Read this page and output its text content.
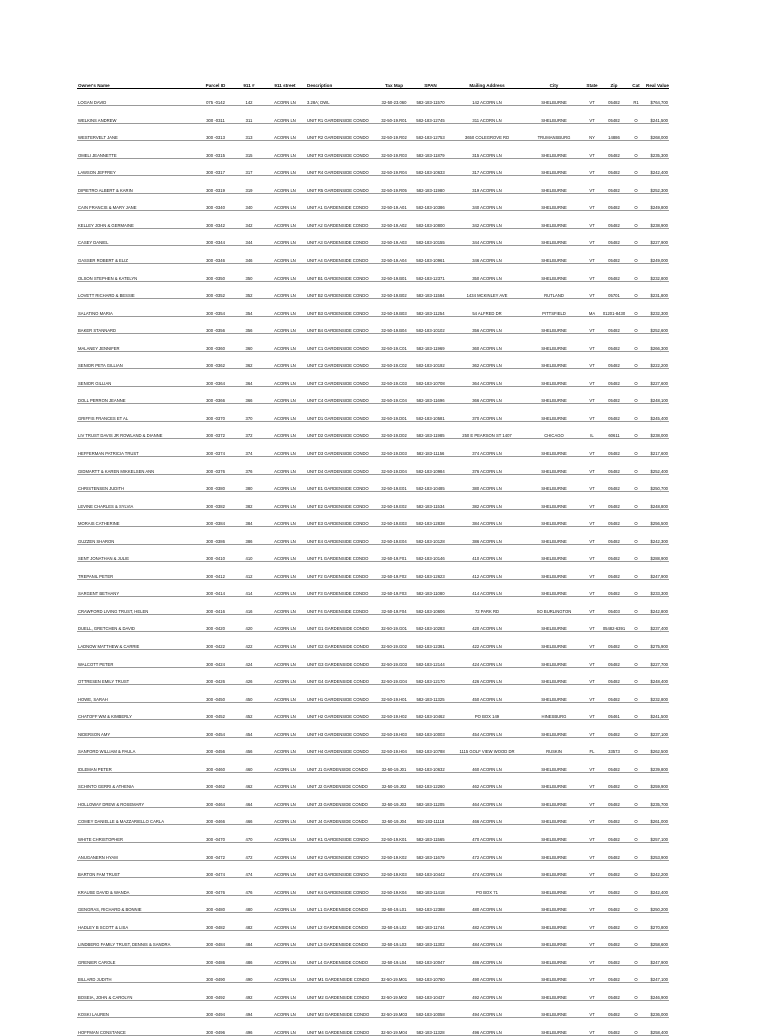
Owner's Name	Parcel ID	911 #	911 street	Description	Tax Map	SPAN	Mailing Address	City	State	Zip	Cat	Real Value
LOGAN DAVID	075 -0142	142	ACORN LN	3.28A; DWL	32-50-23.060	582-183-11570	142 ACORN LN	SHELBURNE	VT	05482	R1	$764,700
WELKINS ANDREW	300 -0311	311	ACORN LN	UNIT R1 GARDENSIDE CONDO	32-50-19.R01	582-183-12745	311 ACORN LN	SHELBURNE	VT	05482	O	$241,500
WESTERVELT JANE	300 -0313	313	ACORN LN	UNIT R2 GARDENSIDE CONDO	32-50-19.R02	582-183-12753	3650 COLEGROVE RD	TRUMANSBURG	NY	14886	O	$268,000
OMELI JEANNETTE	300 -0315	315	ACORN LN	UNIT R3 GARDENSIDE CONDO	32-50-19.R03	582-183-11879	315 ACORN LN	SHELBURNE	VT	05482	O	$235,300
LAWSON JEFFREY	300 -0317	317	ACORN LN	UNIT R4 GARDENSIDE CONDO	32-50-19.R04	582-183-10633	317 ACORN LN	SHELBURNE	VT	05482	O	$242,400
DIPIETRO ALBERT & KARIN	300 -0319	319	ACORN LN	UNIT R5 GARDENSIDE CONDO	32-50-19.R05	582-183-11980	319 ACORN LN	SHELBURNE	VT	05482	O	$252,300
CAIN FRANCIS & MARY JANE	300 -0340	340	ACORN LN	UNIT A1 GARDENSIDE CONDO	32-50-19.A01	582-183-10386	340 ACORN LN	SHELBURNE	VT	05482	O	$249,800
KELLEY JOHN & GERMAINE	300 -0342	342	ACORN LN	UNIT A2 GARDENSIDE CONDO	32-50-19.A02	582-183-10800	342 ACORN LN	SHELBURNE	VT	05482	O	$238,900
CASEY DANIEL	300 -0344	344	ACORN LN	UNIT A3 GARDENSIDE CONDO	32-50-19.A03	582-183-10155	344 ACORN LN	SHELBURNE	VT	05482	O	$227,900
GASSER ROBERT & ELIZ	300 -0346	346	ACORN LN	UNIT A4 GARDENSIDE CONDO	32-50-19.A04	582-183-10961	346 ACORN LN	SHELBURNE	VT	05482	O	$249,000
OLSON STEPHEN & KATELYN	300 -0350	350	ACORN LN	UNIT B1 GARDENSIDE CONDO	32-50-19.B01	582-183-12371	350 ACORN LN	SHELBURNE	VT	05482	O	$232,800
LOVETT RICHARD & BESSIE	300 -0352	352	ACORN LN	UNIT B2 GARDENSIDE CONDO	32-50-19.B02	582-183-11584	1434 MCKINLEY AVE	RUTLAND	VT	05701	O	$231,800
SALATINO MARIA	300 -0354	354	ACORN LN	UNIT B3 GARDENSIDE CONDO	32-50-19.B03	582-183-11254	54 ALFRED DR	PITTSFIELD	MA	01201-8430	O	$232,300
BAKER STANNARD	300 -0356	356	ACORN LN	UNIT B4 GARDENSIDE CONDO	32-50-19.B04	582-183-10102	356 ACORN LN	SHELBURNE	VT	05482	O	$252,600
MALANEY JENNIFER	300 -0360	360	ACORN LN	UNIT C1 GARDENSIDE CONDO	32-50-19.C01	582-183-11969	360 ACORN LN	SHELBURNE	VT	05482	O	$266,300
SENIOR PETA GILLIAN	300 -0362	362	ACORN LN	UNIT C2 GARDENSIDE CONDO	32-50-19.C02	582-183-10192	362 ACORN LN	SHELBURNE	VT	05482	O	$222,200
SENIOR GILLIAN	300 -0364	364	ACORN LN	UNIT C3 GARDENSIDE CONDO	32-50-19.C03	582-183-10708	364 ACORN LN	SHELBURNE	VT	05482	O	$227,600
DOLL PERRON JEANNE	300 -0366	366	ACORN LN	UNIT C4 GARDENSIDE CONDO	32-50-19.C04	582-183-11696	366 ACORN LN	SHELBURNE	VT	05482	O	$248,100
GRIFFIS FRANCES ET AL	300 -0370	370	ACORN LN	UNIT D1 GARDENSIDE CONDO	32-50-19.D01	582-183-10581	370 ACORN LN	SHELBURNE	VT	05482	O	$245,400
LIV TRUST DAVIS JR ROWLAND & DIANNE	300 -0372	372	ACORN LN	UNIT D2 GARDENSIDE CONDO	32-50-19.D02	582-183-11985	250 E PEARSON ST 1407	CHICAGO	IL	60611	O	$238,000
HEFFERMAN PATRICIA TRUST	300 -0374	374	ACORN LN	UNIT D3 GARDENSIDE CONDO	32-50-19.D03	582-183-11156	374 ACORN LN	SHELBURNE	VT	05482	O	$217,600
GIDMARTT & KAREN MIKKELSEN ANN	300 -0376	376	ACORN LN	UNIT D4 GARDENSIDE CONDO	32-50-19.D04	582-183-10984	376 ACORN LN	SHELBURNE	VT	05482	O	$252,400
CHRISTENSEN JUDITH	300 -0380	380	ACORN LN	UNIT E1 GARDENSIDE CONDO	32-50-19.E01	582-183-10485	380 ACORN LN	SHELBURNE	VT	05482	O	$250,700
LEVINE CHARLES & SYLVIA	300 -0382	382	ACORN LN	UNIT E2 GARDENSIDE CONDO	32-50-19.E02	582-183-11534	382 ACORN LN	SHELBURNE	VT	05482	O	$248,800
MORAIS CATHERINE	300 -0384	384	ACORN LN	UNIT E3 GARDENSIDE CONDO	32-50-19.E03	582-183-12838	384 ACORN LN	SHELBURNE	VT	05482	O	$256,500
GUZZEN SHARON	300 -0386	386	ACORN LN	UNIT E4 GARDENSIDE CONDO	32-50-19.E04	582-183-10128	386 ACORN LN	SHELBURNE	VT	05482	O	$242,300
SENT JONATHAN & JULIE	300 -0410	410	ACORN LN	UNIT F1 GARDENSIDE CONDO	32-50-19.F01	582-183-10146	410 ACORN LN	SHELBURNE	VT	05482	O	$288,900
TREPANIL PETER	300 -0412	412	ACORN LN	UNIT F2 GARDENSIDE CONDO	32-50-19.F02	582-183-12623	412 ACORN LN	SHELBURNE	VT	05482	O	$247,900
SARGENT BETHANY	300 -0414	414	ACORN LN	UNIT F3 GARDENSIDE CONDO	32-50-19.F03	582-183-11080	414 ACORN LN	SHELBURNE	VT	05482	O	$233,300
CRAWFORD LIVING TRUST, HELEN	300 -0416	416	ACORN LN	UNIT F4 GARDENSIDE CONDO	32-50-19.F04	582-183-10606	72 PARK RD	SO BURLINGTON	VT	05403	O	$242,800
DUELL, GRETCHEN & DAVID	300 -0420	420	ACORN LN	UNIT G1 GARDENSIDE CONDO	32-50-19.G01	582-183-10283	420 ACORN LN	SHELBURNE	VT	05482-6391	O	$237,400
LADNOW MATTHEW & CARRIE	300 -0422	422	ACORN LN	UNIT G2 GARDENSIDE CONDO	32-50-19.G02	582-183-12361	422 ACORN LN	SHELBURNE	VT	05482	O	$275,900
WALCOTT PETER	300 -0424	424	ACORN LN	UNIT G3 GARDENSIDE CONDO	32-50-19.G03	582-183-12144	424 ACORN LN	SHELBURNE	VT	05482	O	$227,700
OTTRESEN EMILY TRUST	300 -0426	426	ACORN LN	UNIT G4 GARDENSIDE CONDO	32-50-19.G04	582-183-12170	426 ACORN LN	SHELBURNE	VT	05482	O	$248,400
HOWE, SARAH	300 -0450	450	ACORN LN	UNIT H1 GARDENSIDE CONDO	32-50-19.H01	582-183-11325	450 ACORN LN	SHELBURNE	VT	05482	O	$232,800
CHATOFF WM & KIMBERLY	300 -0452	452	ACORN LN	UNIT H2 GARDENSIDE CONDO	32-50-19.H02	582-183-10462	PO BOX 149	HINESBURG	VT	05461	O	$241,500
NIDERSON AMY	300 -0454	454	ACORN LN	UNIT H3 GARDENSIDE CONDO	32-50-19.H03	582-183-10003	454 ACORN LN	SHELBURNE	VT	05482	O	$237,100
SANFORD WILLIAM & PAULA	300 -0456	456	ACORN LN	UNIT H4 GARDENSIDE CONDO	32-50-19.H04	582-183-10788	1115 GOLF VIEW WOOD DR	RUSKIN	FL	33573	O	$262,500
IDLEMAN PETER	300 -0460	460	ACORN LN	UNIT J1 GARDENSIDE CONDO	32-50-19.J01	582-183-10632	460 ACORN LN	SHELBURNE	VT	05482	O	$239,800
SCHINTO GERRI & ATHENIA	300 -0462	462	ACORN LN	UNIT J2 GARDENSIDE CONDO	32-50-19.J02	582-183-12260	462 ACORN LN	SHELBURNE	VT	05482	O	$259,900
HOLLOWAY DREW & ROSEMARY	300 -0464	464	ACORN LN	UNIT J3 GARDENSIDE CONDO	32-50-19.J03	582-183-11205	464 ACORN LN	SHELBURNE	VT	05482	O	$235,700
COMEY DANIELLE & MAZZARIELLO CARLA	300 -0466	466	ACORN LN	UNIT J4 GARDENSIDE CONDO	32-50-19.J04	582-183-11118	466 ACORN LN	SHELBURNE	VT	05482	O	$261,000
WHITE CHRISTOPHER	300 -0470	470	ACORN LN	UNIT K1 GARDENSIDE CONDO	32-50-19.K01	582-183-11565	470 ACORN LN	SHELBURNE	VT	05482	O	$257,100
ANUGANERN HYAM	300 -0472	472	ACORN LN	UNIT K2 GARDENSIDE CONDO	32-50-19.K02	582-183-11679	472 ACORN LN	SHELBURNE	VT	05482	O	$253,900
BARTON FAM TRUST	300 -0474	474	ACORN LN	UNIT K3 GARDENSIDE CONDO	32-50-19.K03	582-183-10442	474 ACORN LN	SHELBURNE	VT	05482	O	$242,200
KRAUSE DAVID & WANDA	300 -0476	476	ACORN LN	UNIT K4 GARDENSIDE CONDO	32-50-19.K04	582-183-11418	PO BOX 71	SHELBURNE	VT	05482	O	$242,400
GENGRAS, RICHARD & BONNIE	300 -0480	480	ACORN LN	UNIT L1 GARDENSIDE CONDO	32-50-19.L01	582-183-12388	480 ACORN LN	SHELBURNE	VT	05482	O	$250,200
HADLEY B SCOTT & LISA	300 -0482	482	ACORN LN	UNIT L2 GARDENSIDE CONDO	32-50-19.L02	582-183-11744	482 ACORN LN	SHELBURNE	VT	05482	O	$270,800
LINDBERG FAMILY TRUST, DENNIS & SANDRA	300 -0484	484	ACORN LN	UNIT L3 GARDENSIDE CONDO	32-50-19.L03	582-183-11302	484 ACORN LN	SHELBURNE	VT	05482	O	$258,600
GRENIER CAROLE	300 -0486	486	ACORN LN	UNIT L4 GARDENSIDE CONDO	32-50-19.L04	582-183-10047	486 ACORN LN	SHELBURNE	VT	05482	O	$247,900
BILLARD JUDITH	300 -0490	490	ACORN LN	UNIT M1 GARDENSIDE CONDO	32-50-19.M01	582-183-10780	490 ACORN LN	SHELBURNE	VT	05482	O	$247,100
BOSEIA, JOHN & CAROLYN	300 -0492	492	ACORN LN	UNIT M2 GARDENSIDE CONDO	32-50-19.M02	582-183-10437	492 ACORN LN	SHELBURNE	VT	05482	O	$246,900
KOSKI LAUREN	300 -0494	494	ACORN LN	UNIT M3 GARDENSIDE CONDO	32-50-19.M03	582-183-10058	494 ACORN LN	SHELBURNE	VT	05482	O	$236,000
HOFFMAN CONSTANCE	300 -0496	496	ACORN LN	UNIT M4 GARDENSIDE CONDO	32-50-19.M04	582-183-11328	496 ACORN LN	SHELBURNE	VT	05482	O	$258,400
